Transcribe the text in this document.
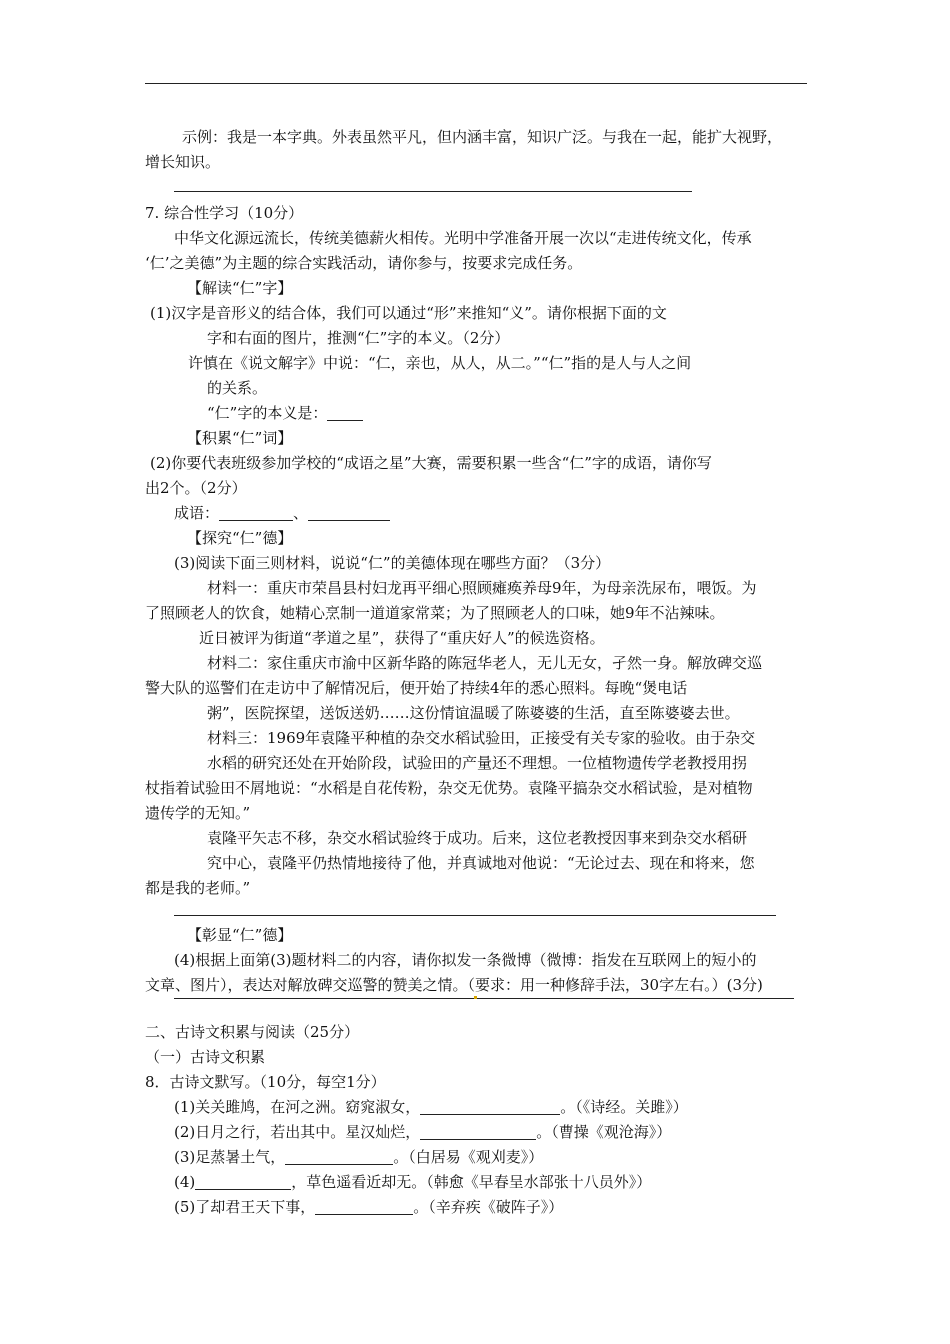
示例：我是一本字典。外表虽然平凡，但内涵丰富，知识广泛。与我在一起，能扩大视野，
增长知识。
7. 综合性学习（10分）
中华文化源远流长，传统美德薪火相传。光明中学准备开展一次以“走进传统文化，传承
‘仁’之美德”为主题的综合实践活动，请你参与，按要求完成任务。
【解读“仁”字】
(1)汉字是音形义的结合体，我们可以通过“形”来推知“义”。请你根据下面的文
字和右面的图片，推测“仁”字的本义。（2分）
许慎在《说文解字》中说：“仁，亲也，从人，从二。”“仁”指的是人与人之间
的关系。
“仁”字的本义是：
【积累“仁”词】
(2)你要代表班级参加学校的“成语之星”大赛，需要积累一些含“仁”字的成语，请你写
出2个。（2分）
成语：	、
【探究“仁”德】
(3)阅读下面三则材料，说说“仁”的美德体现在哪些方面？（3分）
材料一：重庆市荣昌县村妇龙再平细心照顾瘫痪养母9年，为母亲洗尿布，喂饭。为
了照顾老人的饮食，她精心烹制一道道家常菜；为了照顾老人的口味，她9年不沾辣味。
近日被评为街道“孝道之星”，获得了“重庆好人”的候选资格。
材料二：家住重庆市渝中区新华路的陈冠华老人，无儿无女，孑然一身。解放碑交巡
警大队的巡警们在走访中了解情况后，便开始了持续4年的悉心照料。每晚“煲电话
粥”，医院探望，送饭送奶……这份情谊温暖了陈婆婆的生活，直至陈婆婆去世。
材料三：1969年袁隆平种植的杂交水稻试验田，正接受有关专家的验收。由于杂交
水稻的研究还处在开始阶段，试验田的产量还不理想。一位植物遗传学老教授用拐
杖指着试验田不屑地说：“水稻是自花传粉，杂交无优势。袁隆平搞杂交水稻试验，是对植物
遗传学的无知。”
袁隆平矢志不移，杂交水稻试验终于成功。后来，这位老教授因事来到杂交水稻研
究中心，袁隆平仍热情地接待了他，并真诚地对他说：“无论过去、现在和将来，您
都是我的老师。”
【彰显“仁”德】
(4)根据上面第(3)题材料二的内容，请你拟发一条微博（微博：指发在互联网上的短小的
文章、图片），表达对解放碑交巡警的赞美之情。（要求：用一种修辞手法，30字左右。）(3分)
二、古诗文积累与阅读（25分）
（一）古诗文积累
8．古诗文默写。（10分，每空1分）
(1)关关雎鸠，在河之洲。窈窕淑女，	。（《诗经。关雎》）
(2)日月之行，若出其中。星汉灿烂，	。（曹操《观沧海》）
(3)足蒸暑土气，	。（白居易《观刈麦》）
(4)	，草色遥看近却无。（韩愈《早春呈水部张十八员外》）
(5)了却君王天下事，	。（辛弃疾《破阵子》）
